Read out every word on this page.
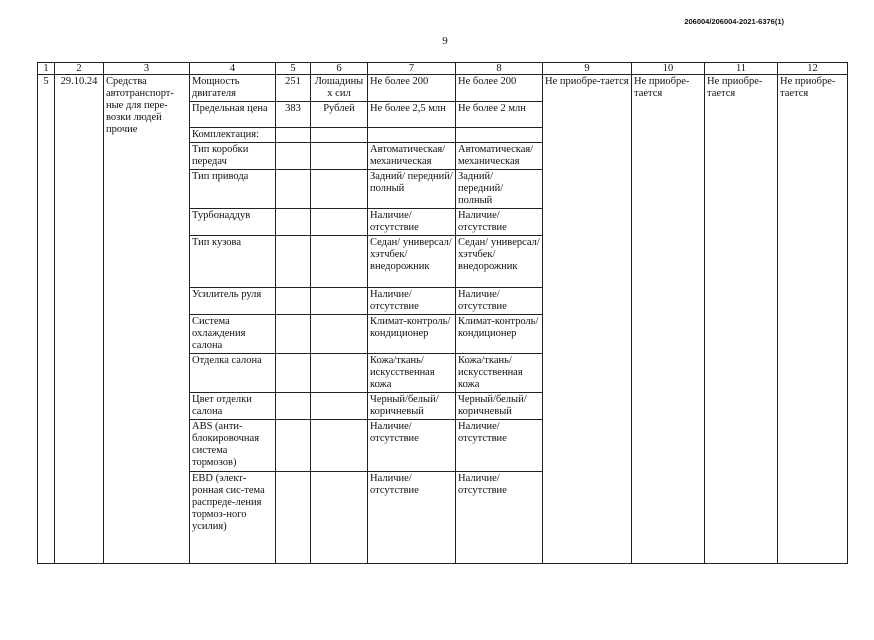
206004/206004-2021-6376(1)
9
1	2	3	4	5	6	7	8	9	10	11	12
5	29.10.24	Средства автотранспорт-ные для пере-возки людей прочие	Мощность двигателя	251	Лошадиных сил	Не более 200	Не более 200	Не приобре-тается	Не приобре-тается	Не приобре-тается	Не приобре-тается
			Предельная цена	383	Рублей	Не более 2,5 млн	Не более 2 млн				
			Комплектация:								
			Тип коробки передач			Автоматическая/ механическая	Автоматическая/ механическая				
			Тип привода			Задний/ передний/ полный	Задний/ передний/ полный				
			Турбонаддув			Наличие/ отсутствие	Наличие/ отсутствие				
			Тип кузова			Седан/ универсал/ хэтчбек/ внедорожник	Седан/ универсал/ хэтчбек/ внедорожник				
			Усилитель руля			Наличие/ отсутствие	Наличие/ отсутствие				
			Система охлаждения салона			Климат-контроль/ кондиционер	Климат-контроль/ кондиционер				
			Отделка салона			Кожа/ткань/ искусственная кожа	Кожа/ткань/ искусственная кожа				
			Цвет отделки салона			Черный/белый/ коричневый	Черный/белый/ коричневый				
			ABS (анти-блокировочная система тормозов)			Наличие/ отсутствие	Наличие/ отсутствие				
			EBD (элект-ронная сис-тема распреде-ления тормоз-ного усилия)			Наличие/ отсутствие	Наличие/ отсутствие				
